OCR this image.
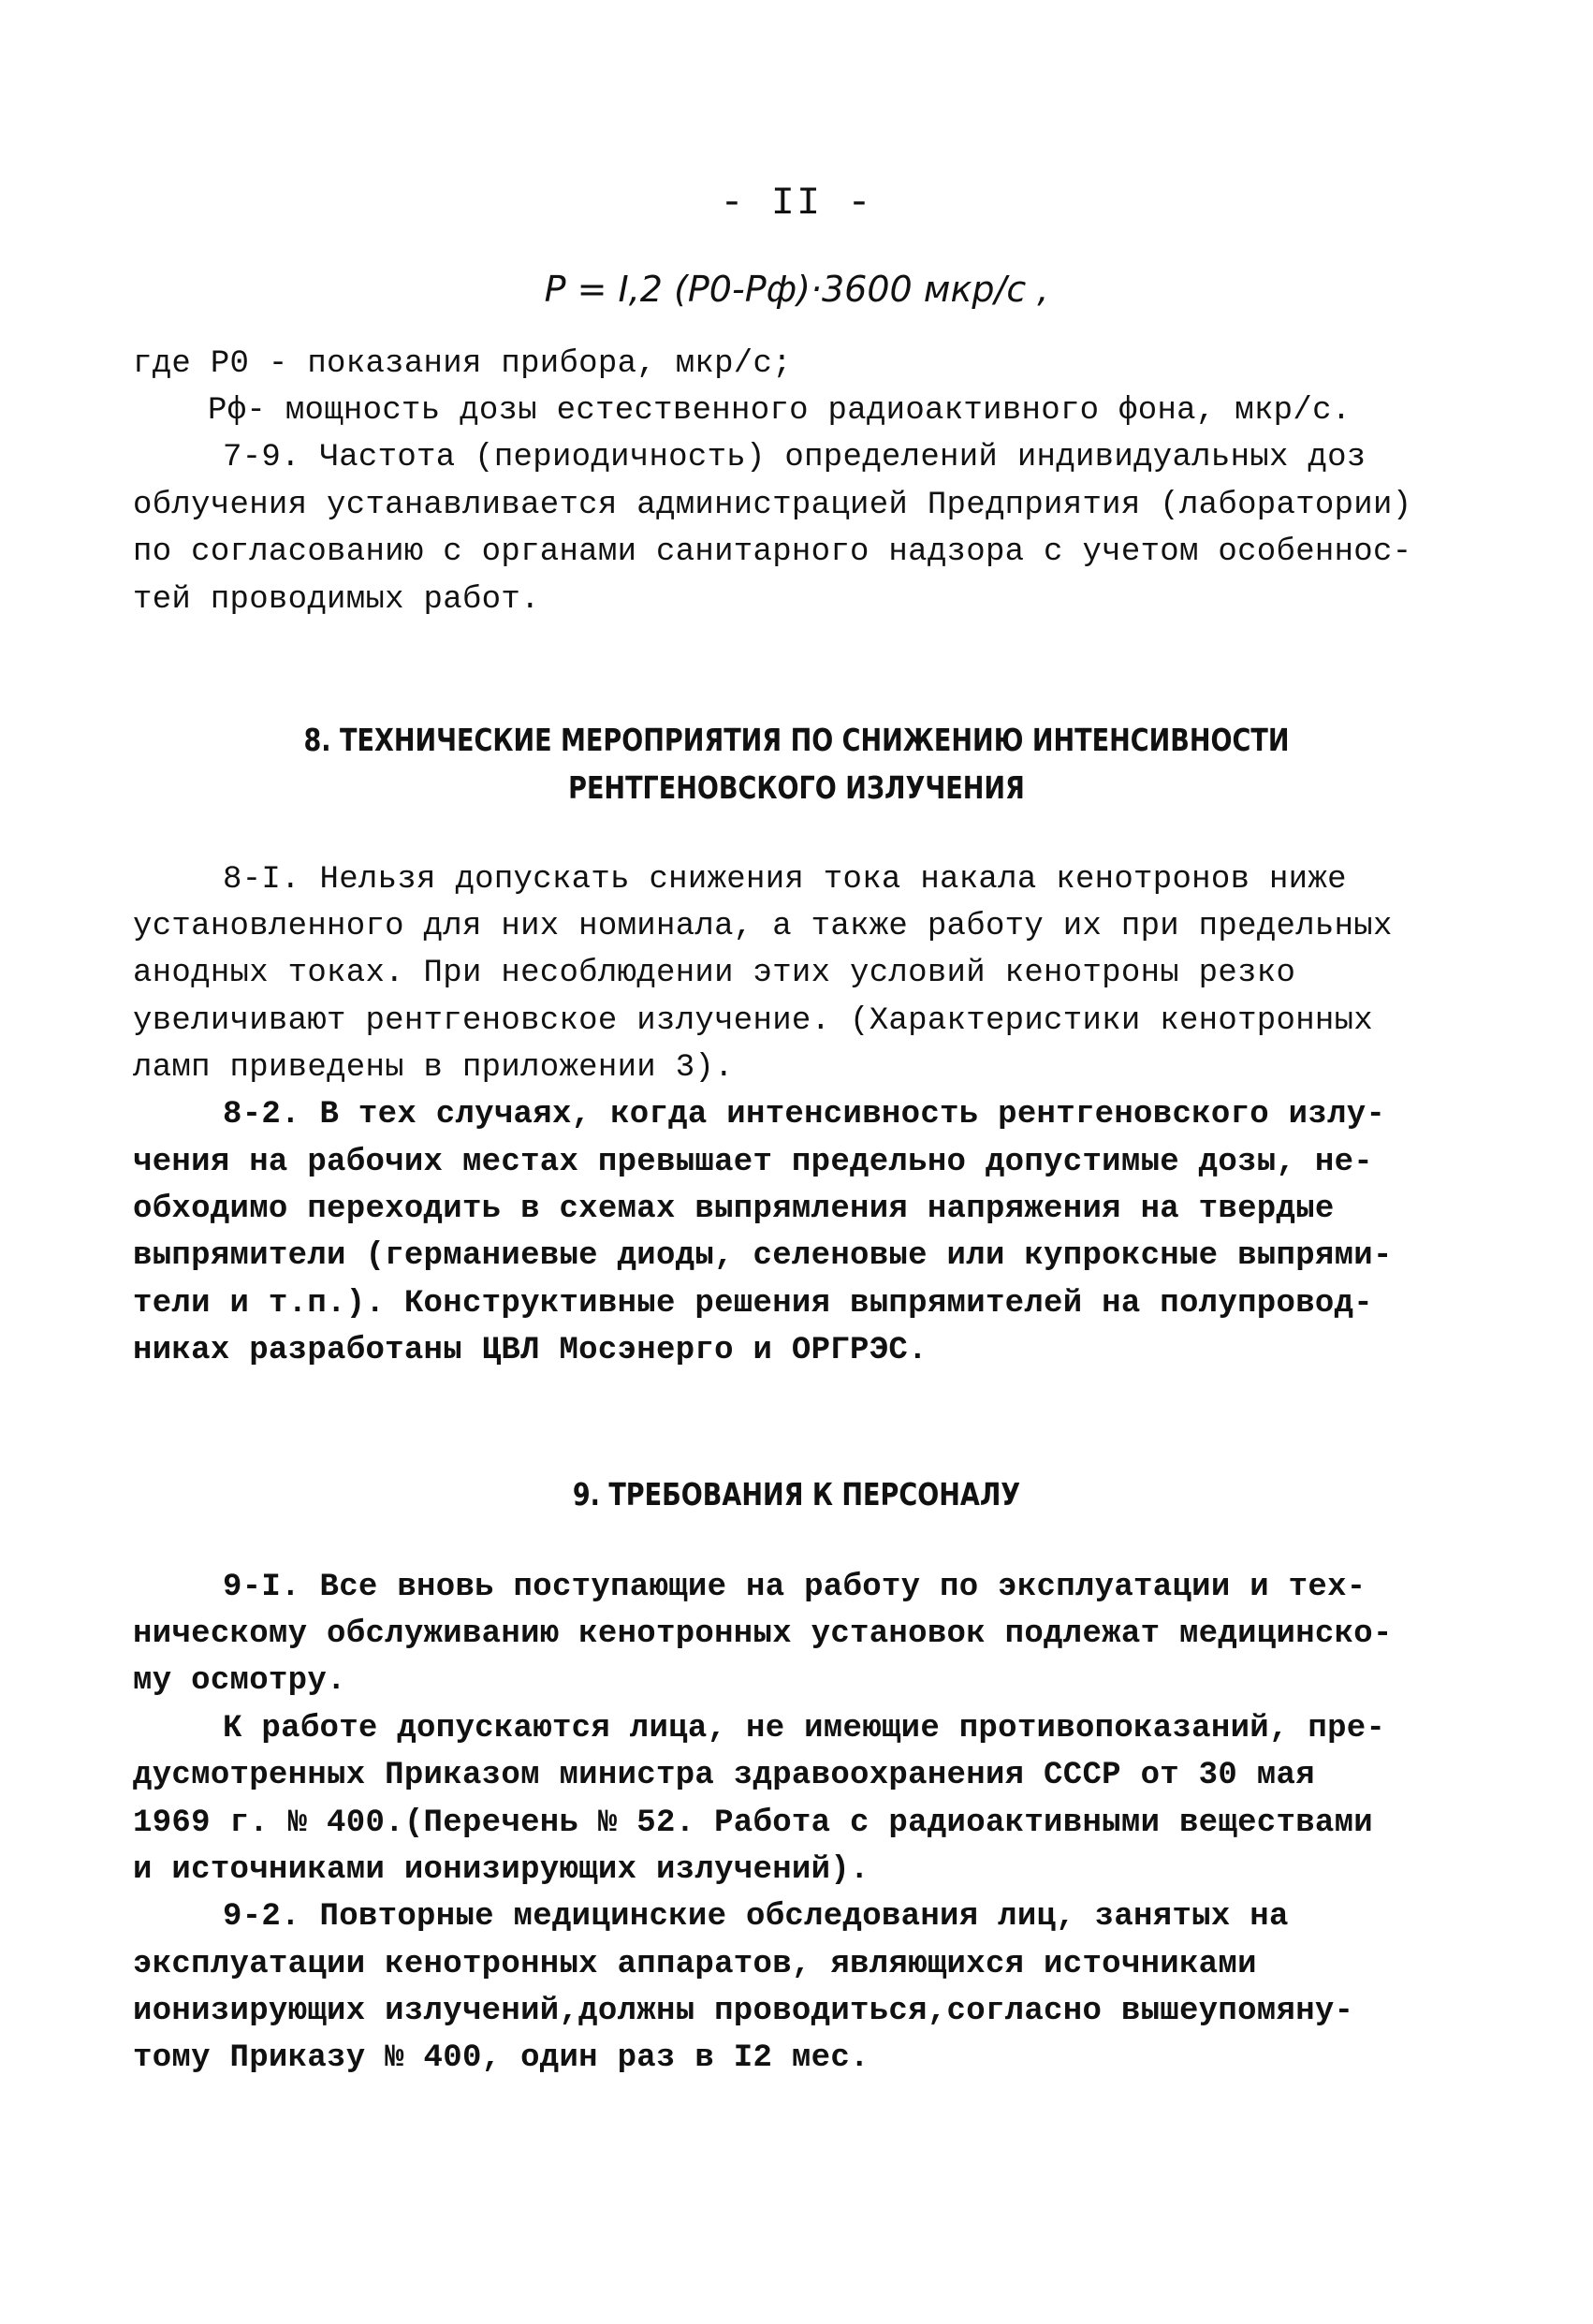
- II -
P = I,2 (P0-Pф)·3600 мкр/с ,
где P0 - показания прибора, мкр/с;
Pф- мощность дозы естественного радиоактивного фона, мкр/с.
7-9. Частота (периодичность) определений индивидуальных доз
облучения устанавливается администрацией Предприятия (лаборатории)
по согласованию с органами санитарного надзора с учетом особеннос-
тей проводимых работ.
8. ТЕХНИЧЕСКИЕ МЕРОПРИЯТИЯ ПО СНИЖЕНИЮ ИНТЕНСИВНОСТИ
РЕНТГЕНОВСКОГО ИЗЛУЧЕНИЯ
8-I. Нельзя допускать снижения тока накала кенотронов ниже
установленного для них номинала, а также работу их при предельных
анодных токах. При несоблюдении этих условий кенотроны резко
увеличивают рентгеновское излучение. (Характеристики кенотронных
ламп приведены в приложении 3).
8-2. В тех случаях, когда интенсивность рентгеновского излу-
чения на рабочих местах превышает предельно допустимые дозы, не-
обходимо переходить в схемах выпрямления напряжения на твердые
выпрямители (германиевые диоды, селеновые или купроксные выпрями-
тели и т.п.). Конструктивные решения выпрямителей на полупровод-
никах разработаны ЦВЛ Мосэнерго и ОРГРЭС.
9. ТРЕБОВАНИЯ К ПЕРСОНАЛУ
9-I. Все вновь поступающие на работу по эксплуатации и тех-
ническому обслуживанию кенотронных установок подлежат медицинско-
му осмотру.
К работе допускаются лица, не имеющие противопоказаний, пре-
дусмотренных Приказом министра здравоохранения СССР от 30 мая
1969 г. № 400.(Перечень № 52. Работа с радиоактивными веществами
и источниками ионизирующих излучений).
9-2. Повторные медицинские обследования лиц, занятых на
эксплуатации кенотронных аппаратов, являющихся источниками
ионизирующих излучений,должны проводиться,согласно вышеупомяну-
тому Приказу № 400, один раз в I2 мес.
